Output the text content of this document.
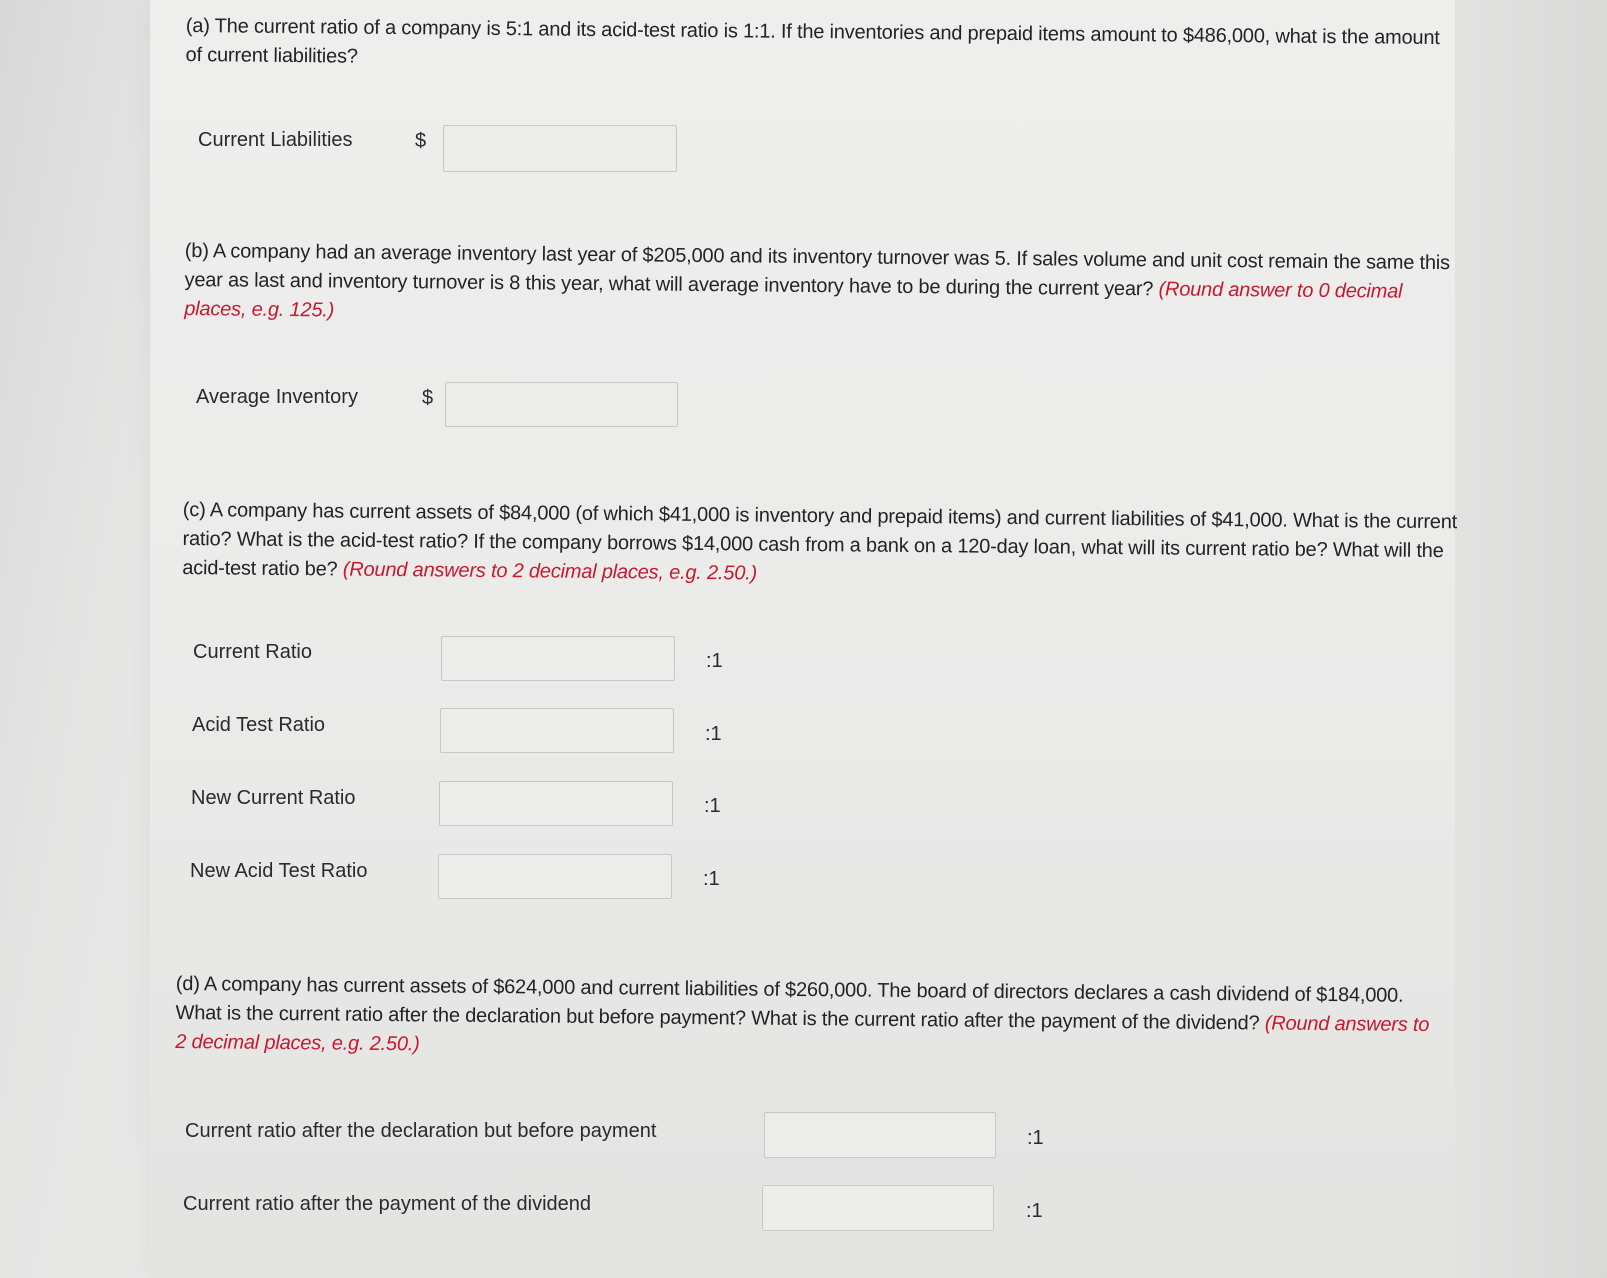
(a) The current ratio of a company is 5:1 and its acid-test ratio is 1:1. If the inventories and prepaid items amount to $486,000, what is the amount of current liabilities?
Current Liabilities	$
(b) A company had an average inventory last year of $205,000 and its inventory turnover was 5. If sales volume and unit cost remain the same this year as last and inventory turnover is 8 this year, what will average inventory have to be during the current year? (Round answer to 0 decimal places, e.g. 125.)
Average Inventory	$
(c) A company has current assets of $84,000 (of which $41,000 is inventory and prepaid items) and current liabilities of $41,000. What is the current ratio? What is the acid-test ratio? If the company borrows $14,000 cash from a bank on a 120-day loan, what will its current ratio be? What will the acid-test ratio be? (Round answers to 2 decimal places, e.g. 2.50.)
Current Ratio	:1
Acid Test Ratio	:1
New Current Ratio	:1
New Acid Test Ratio	:1
(d) A company has current assets of $624,000 and current liabilities of $260,000. The board of directors declares a cash dividend of $184,000. What is the current ratio after the declaration but before payment? What is the current ratio after the payment of the dividend? (Round answers to 2 decimal places, e.g. 2.50.)
Current ratio after the declaration but before payment	:1
Current ratio after the payment of the dividend	:1
